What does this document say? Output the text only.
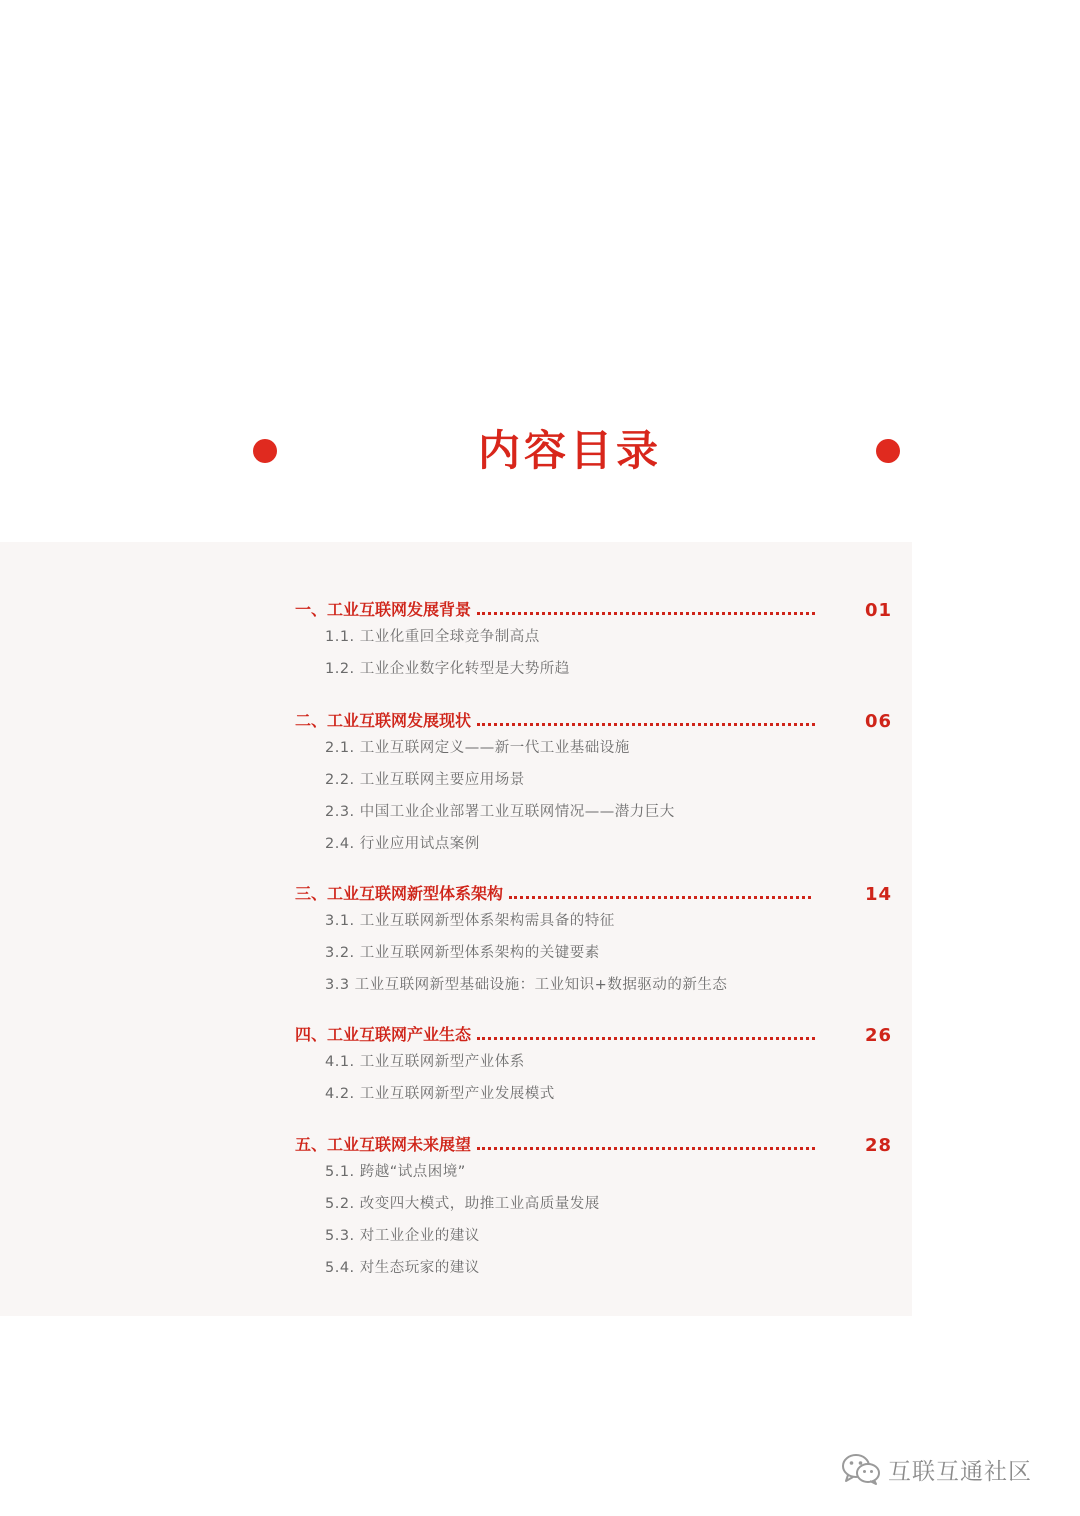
内容目录
一、工业互联网发展背景	01
1.1. 工业化重回全球竞争制高点
1.2. 工业企业数字化转型是大势所趋
二、工业互联网发展现状	06
2.1. 工业互联网定义——新一代工业基础设施
2.2. 工业互联网主要应用场景
2.3. 中国工业企业部署工业互联网情况——潜力巨大
2.4. 行业应用试点案例
三、工业互联网新型体系架构	14
3.1. 工业互联网新型体系架构需具备的特征
3.2. 工业互联网新型体系架构的关键要素
3.3 工业互联网新型基础设施：工业知识+数据驱动的新生态
四、工业互联网产业生态	26
4.1. 工业互联网新型产业体系
4.2. 工业互联网新型产业发展模式
五、工业互联网未来展望	28
5.1. 跨越“试点困境”
5.2. 改变四大模式，助推工业高质量发展
5.3. 对工业企业的建议
5.4. 对生态玩家的建议
互联互通社区
